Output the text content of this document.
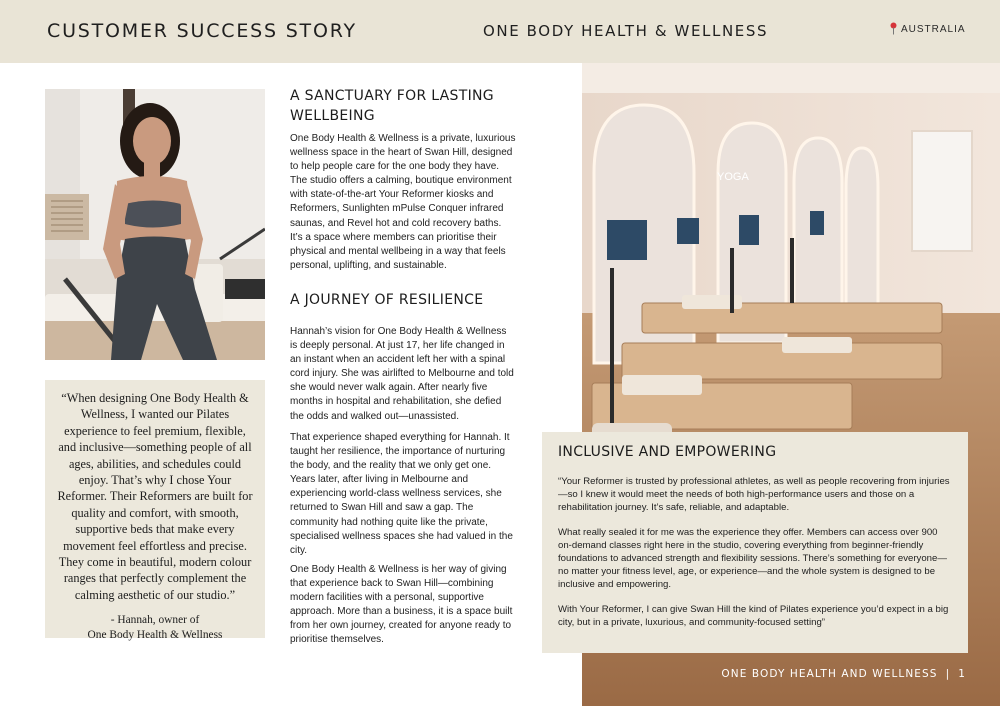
CUSTOMER SUCCESS STORY	ONE BODY HEALTH & WELLNESS	AUSTRALIA

“When designing One Body Health & Wellness, I wanted our Pilates experience to feel premium, flexible, and inclusive—something people of all ages, abilities, and schedules could enjoy. That’s why I chose Your Reformer. Their Reformers are built for quality and comfort, with smooth, supportive beds that make every movement feel effortless and precise. They come in beautiful, modern colour ranges that perfectly complement the calming aesthetic of our studio.”

- Hannah, owner of
One Body Health & Wellness

A SANCTUARY FOR LASTING WELLBEING

One Body Health & Wellness is a private, luxurious wellness space in the heart of Swan Hill, designed to help people care for the one body they have. The studio offers a calming, boutique environment with state-of-the-art Your Reformer kiosks and Reformers, Sunlighten mPulse Conquer infrared saunas, and Revel hot and cold recovery baths. It’s a space where members can prioritise their physical and mental wellbeing in a way that feels personal, uplifting, and sustainable.

A JOURNEY OF RESILIENCE

Hannah’s vision for One Body Health & Wellness is deeply personal. At just 17, her life changed in an instant when an accident left her with a spinal cord injury. She was airlifted to Melbourne and told she would never walk again. After nearly five months in hospital and rehabilitation, she defied the odds and walked out—unassisted.

That experience shaped everything for Hannah. It taught her resilience, the importance of nurturing the body, and the reality that we only get one. Years later, after living in Melbourne and experiencing world-class wellness services, she returned to Swan Hill and saw a gap. The community had nothing quite like the private, specialised wellness spaces she had valued in the city.

One Body Health & Wellness is her way of giving that experience back to Swan Hill—combining modern facilities with a personal, supportive approach. More than a business, it is a space built from her own journey, created for anyone ready to prioritise themselves.

YOGA
INCLUSIVE AND EMPOWERING

“Your Reformer is trusted by professional athletes, as well as people recovering from injuries—so I knew it would meet the needs of both high-performance users and those on a rehabilitation journey. It’s safe, reliable, and adaptable.

What really sealed it for me was the experience they offer. Members can access over 900 on-demand classes right here in the studio, covering everything from beginner-friendly foundations to advanced strength and flexibility sessions. There’s something for everyone—no matter your fitness level, age, or experience—and the whole system is designed to be inclusive and empowering.

With Your Reformer, I can give Swan Hill the kind of Pilates experience you’d expect in a big city, but in a private, luxurious, and community-focused setting”

ONE BODY HEALTH AND WELLNESS | 1
